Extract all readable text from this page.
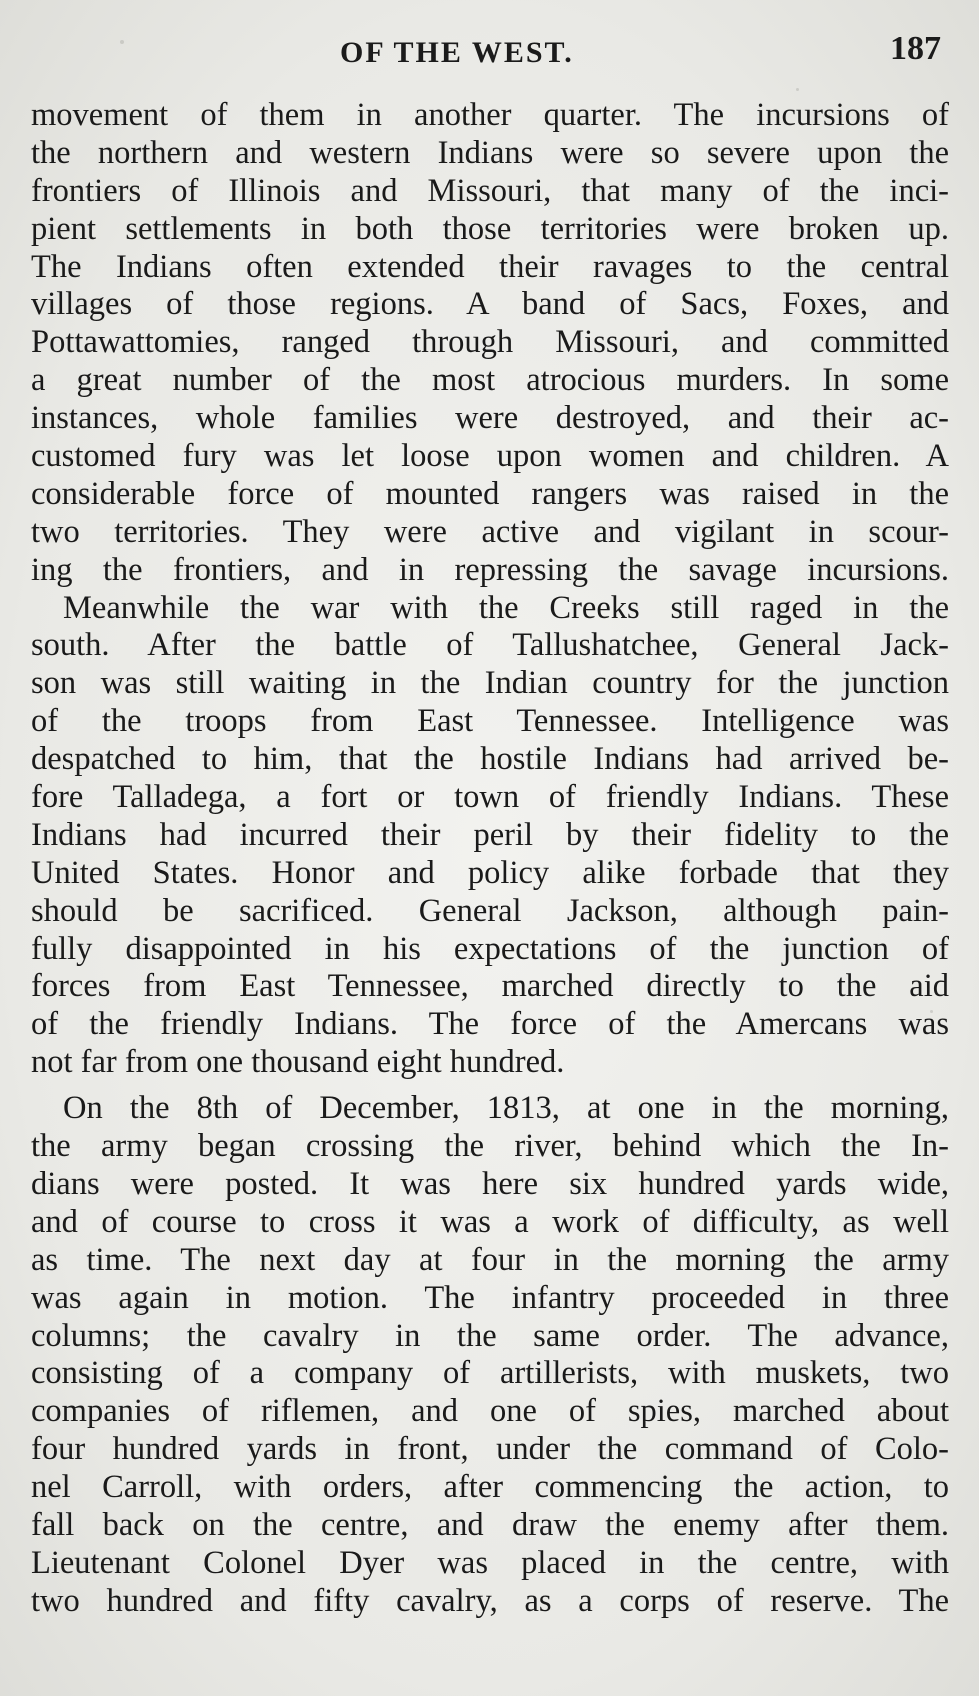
OF THE WEST.	187
movement of them in another quarter. The incursions of
the northern and western Indians were so severe upon the
frontiers of Illinois and Missouri, that many of the inci-
pient settlements in both those territories were broken up.
The Indians often extended their ravages to the central
villages of those regions. A band of Sacs, Foxes, and
Pottawattomies, ranged through Missouri, and committed
a great number of the most atrocious murders. In some
instances, whole families were destroyed, and their ac-
customed fury was let loose upon women and children. A
considerable force of mounted rangers was raised in the
two territories. They were active and vigilant in scour-
ing the frontiers, and in repressing the savage incursions.
Meanwhile the war with the Creeks still raged in the
south. After the battle of Tallushatchee, General Jack-
son was still waiting in the Indian country for the junction
of the troops from East Tennessee. Intelligence was
despatched to him, that the hostile Indians had arrived be-
fore Talladega, a fort or town of friendly Indians. These
Indians had incurred their peril by their fidelity to the
United States. Honor and policy alike forbade that they
should be sacrificed. General Jackson, although pain-
fully disappointed in his expectations of the junction of
forces from East Tennessee, marched directly to the aid
of the friendly Indians. The force of the Amercans was
not far from one thousand eight hundred.
On the 8th of December, 1813, at one in the morning,
the army began crossing the river, behind which the In-
dians were posted. It was here six hundred yards wide,
and of course to cross it was a work of difficulty, as well
as time. The next day at four in the morning the army
was again in motion. The infantry proceeded in three
columns; the cavalry in the same order. The advance,
consisting of a company of artillerists, with muskets, two
companies of riflemen, and one of spies, marched about
four hundred yards in front, under the command of Colo-
nel Carroll, with orders, after commencing the action, to
fall back on the centre, and draw the enemy after them.
Lieutenant Colonel Dyer was placed in the centre, with
two hundred and fifty cavalry, as a corps of reserve. The
